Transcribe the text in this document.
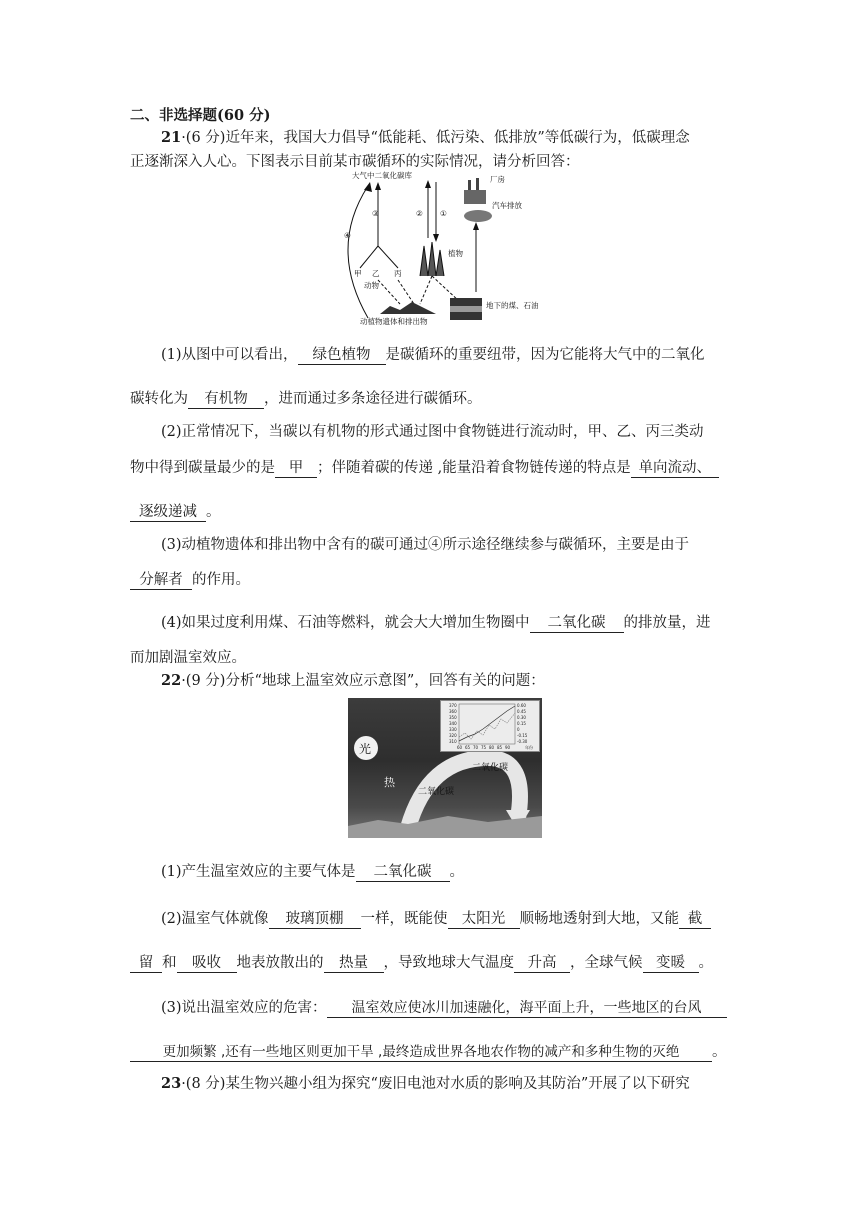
二、非选择题(60 分)
21·(6 分)近年来，我国大力倡导“低能耗、低污染、低排放”等低碳行为，低碳理念
正逐渐深入人心。下图表示目前某市碳循环的实际情况，请分析回答：
大气中二氧化碳库
③	② ①
④
甲 乙 丙
动物
植物
厂房
汽车排放
动植物遗体和排出物
地下的煤、石油
(1)从图中可以看出， 绿色植物 是碳循环的重要纽带，因为它能将大气中的二氧化
碳转化为 有机物 ，进而通过多条途径进行碳循环。
(2)正常情况下，当碳以有机物的形式通过图中食物链进行流动时，甲、乙、丙三类动
物中得到碳量最少的是 甲 ；伴随着碳的传递 ,能量沿着食物链传递的特点是 单向流动、
逐级递减 。
(3)动植物遗体和排出物中含有的碳可通过④所示途径继续参与碳循环，主要是由于
分解者 的作用。
(4)如果过度利用煤、石油等燃料，就会大大增加生物圈中 二氧化碳 的排放量，进
而加剧温室效应。
22·(9 分)分析“地球上温室效应示意图”，回答有关的问题：
光
热
二氧化碳
二氧化碳
370
360
350
340
330
320
310
0.60
0.45
0.30
0.15
0
-0.15
-0.30
60 65 70 75 80 85 90	年份
(1)产生温室效应的主要气体是 二氧化碳 。
(2)温室气体就像 玻璃顶棚 一样，既能使 太阳光 顺畅地透射到大地，又能 截
留 和 吸收 地表放散出的 热量 ，导致地球大气温度 升高 ，全球气候 变暖 。
(3)说出温室效应的危害： 温室效应使冰川加速融化，海平面上升，一些地区的台风
更加频繁 ,还有一些地区则更加干旱 ,最终造成世界各地农作物的减产和多种生物的灭绝 。
23·(8 分)某生物兴趣小组为探究“废旧电池对水质的影响及其防治”开展了以下研究
